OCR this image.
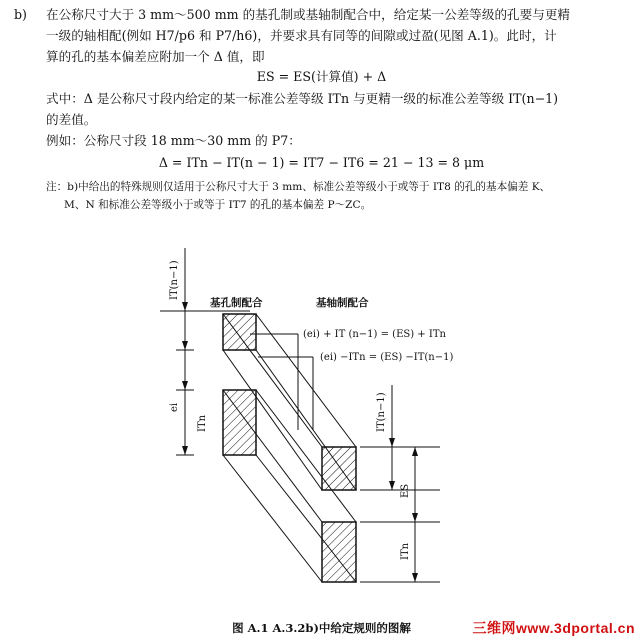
b) 在公称尺寸大于 3 mm～500 mm 的基孔制或基轴制配合中，给定某一公差等级的孔要与更精
一级的轴相配(例如 H7/p6 和 P7/h6)，并要求具有同等的间隙或过盈(见图 A.1)。此时，计
算的孔的基本偏差应附加一个 Δ 值，即
ES = ES(计算值) + Δ
式中：Δ 是公称尺寸段内给定的某一标准公差等级 ITn 与更精一级的标准公差等级 IT(n−1)
的差值。
例如：公称尺寸段 18 mm～30 mm 的 P7：
Δ = ITn − IT(n − 1) = IT7 − IT6 = 21 − 13 = 8 μm
注：b)中给出的特殊规则仅适用于公称尺寸大于 3 mm、标准公差等级小于或等于 IT8 的孔的基本偏差 K、
M、N 和标准公差等级小于或等于 IT7 的孔的基本偏差 P～ZC。
基孔制配合	基轴制配合
IT(n−1)
ei
ITn
(ei) + IT (n−1) = (ES) + ITn
(ei) −ITn = (ES) −IT(n−1)
IT(n−1)
ES
ITn
图 A.1 A.3.2b)中给定规则的图解	三维网www.3dportal.cn
